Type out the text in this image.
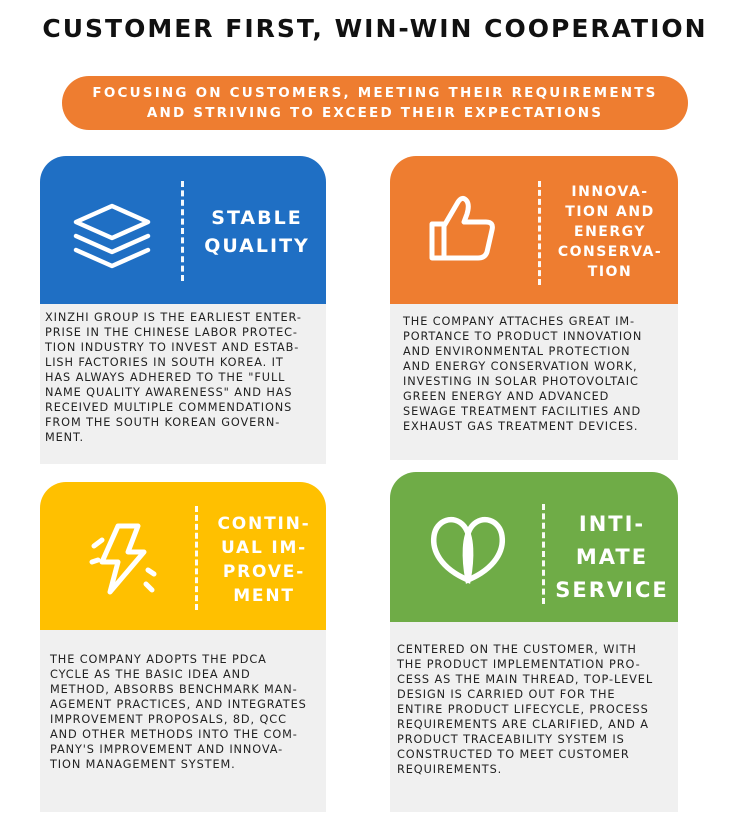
CUSTOMER FIRST, WIN-WIN COOPERATION
FOCUSING ON CUSTOMERS, MEETING THEIR REQUIREMENTS
AND STRIVING TO EXCEED THEIR EXPECTATIONS
STABLE
QUALITY
XINZHI GROUP IS THE EARLIEST ENTER-
PRISE IN THE CHINESE LABOR PROTEC-
TION INDUSTRY TO INVEST AND ESTAB-
LISH FACTORIES IN SOUTH KOREA. IT
HAS ALWAYS ADHERED TO THE "FULL
NAME QUALITY AWARENESS" AND HAS
RECEIVED MULTIPLE COMMENDATIONS
FROM THE SOUTH KOREAN GOVERN-
MENT.
INNOVA-
TION AND
ENERGY
CONSERVA-
TION
THE COMPANY ATTACHES GREAT IM-
PORTANCE TO PRODUCT INNOVATION
AND ENVIRONMENTAL PROTECTION
AND ENERGY CONSERVATION WORK,
INVESTING IN SOLAR PHOTOVOLTAIC
GREEN ENERGY AND ADVANCED
SEWAGE TREATMENT FACILITIES AND
EXHAUST GAS TREATMENT DEVICES.
CONTIN-
UAL IM-
PROVE-
MENT
THE COMPANY ADOPTS THE PDCA
CYCLE AS THE BASIC IDEA AND
METHOD, ABSORBS BENCHMARK MAN-
AGEMENT PRACTICES, AND INTEGRATES
IMPROVEMENT PROPOSALS, 8D, QCC
AND OTHER METHODS INTO THE COM-
PANY'S IMPROVEMENT AND INNOVA-
TION MANAGEMENT SYSTEM.
INTI-
MATE
SERVICE
CENTERED ON THE CUSTOMER, WITH
THE PRODUCT IMPLEMENTATION PRO-
CESS AS THE MAIN THREAD, TOP-LEVEL
DESIGN IS CARRIED OUT FOR THE
ENTIRE PRODUCT LIFECYCLE, PROCESS
REQUIREMENTS ARE CLARIFIED, AND A
PRODUCT TRACEABILITY SYSTEM IS
CONSTRUCTED TO MEET CUSTOMER
REQUIREMENTS.
